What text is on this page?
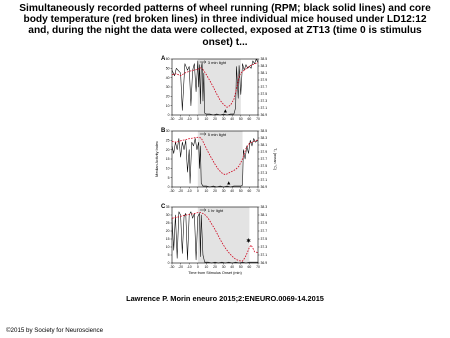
Simultaneously recorded patterns of wheel running (RPM; black solid lines) and core body temperature (red broken lines) in three individual mice housed under LD12:12 and, during the night the data were collected, exposed at ZT13 (time 0 is stimulus onset) t...
A
3 min light
60
50
40
30
20
10
0
38.5
38.3
38.1
37.9
37.7
37.5
37.3
37.1
36.9
-30 -20 -10 0 10 20 30 40 50 60 70
▲
B
5 min light
30
25
20
15
10
5
0
38.5
38.3
38.1
37.9
37.7
37.5
37.3
37.1
36.9
-30 -20 -10 0 10 20 30 40 50 60 70
▲
Median Activity Index	Tₛ (mean °C)
C
1 hr light
35
30
25
20
15
10
5
0
38.3
38.1
37.9
37.7
37.5
37.3
37.1
36.9
-30 -20 -10 0 10 20 30 40 50 60 70
✱
Time from Stimulus Onset (min)
Lawrence P. Morin eneuro 2015;2:ENEURO.0069-14.2015
©2015 by Society for Neuroscience
